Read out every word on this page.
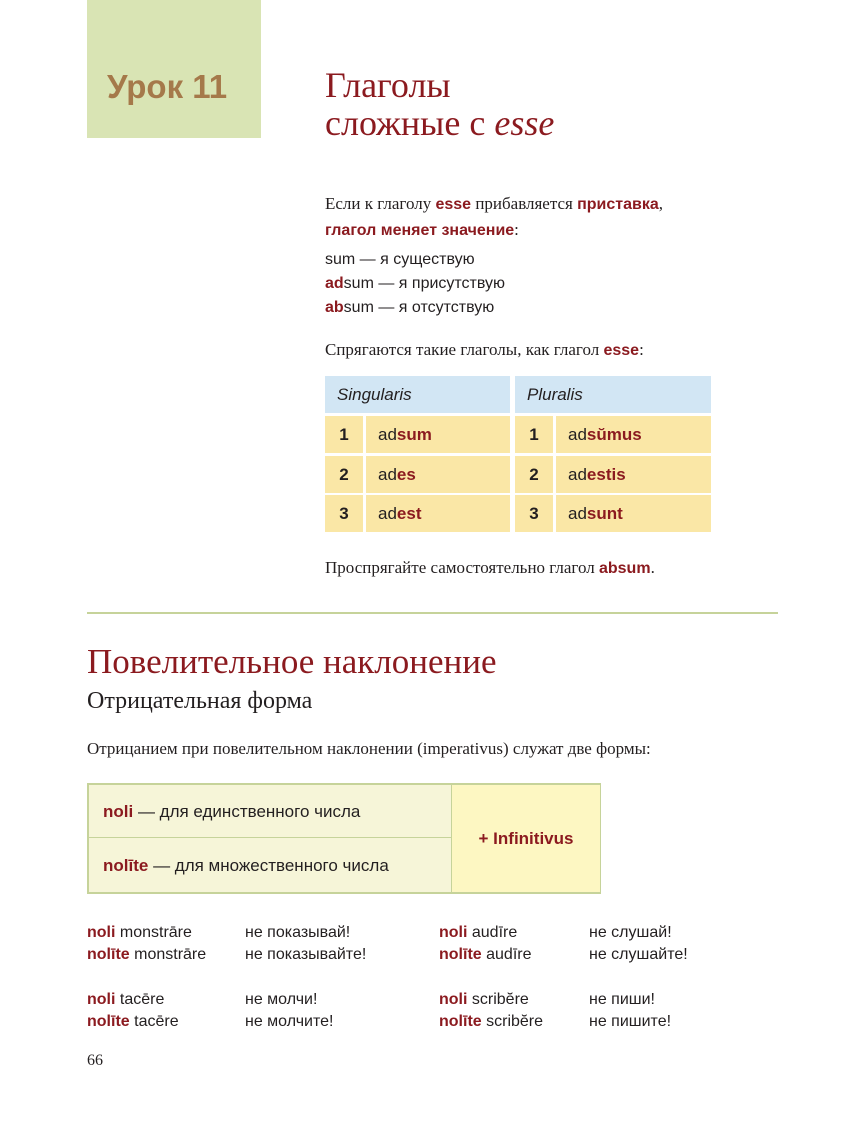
Урок 11	Глаголы
сложные с esse
Если к глаголу esse прибавляется приставка,
глагол меняет значение:
sum — я существую
adsum — я присутствую
absum — я отсутствую
Спрягаются такие глаголы, как глагол esse:
Singularis	Pluralis
1	adsum	1	adsŭmus
2	ades	2	adestis
3	adest	3	adsunt
Проспрягайте самостоятельно глагол absum.
Повелительное наклонение
Отрицательная форма
Отрицанием при повелительном наклонении (imperativus) служат две формы:
noli — для единственного числа
nolīte — для множественного числа
+ Infinitivus
noli monstrāre	не показывай!
nolīte monstrāre не показывайте!
noli audīre	не слушай!
nolīte audīre	не слушайте!
noli tacēre	не молчи!
nolīte tacēre	не молчите!
noli scribĕre	не пиши!
nolīte scribĕre	не пишите!
66
